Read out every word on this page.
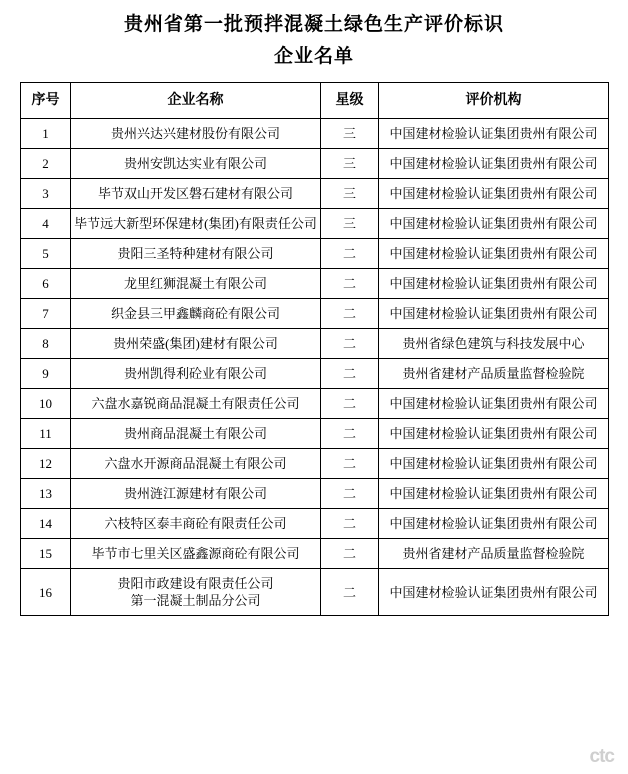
贵州省第一批预拌混凝土绿色生产评价标识
企业名单
序号	企业名称	星级	评价机构
1	贵州兴达兴建材股份有限公司	三	中国建材检验认证集团贵州有限公司
2	贵州安凯达实业有限公司	三	中国建材检验认证集团贵州有限公司
3	毕节双山开发区磐石建材有限公司	三	中国建材检验认证集团贵州有限公司
4	毕节远大新型环保建材(集团)有限责任公司	三	中国建材检验认证集团贵州有限公司
5	贵阳三圣特种建材有限公司	二	中国建材检验认证集团贵州有限公司
6	龙里红狮混凝土有限公司	二	中国建材检验认证集团贵州有限公司
7	织金县三甲鑫麟商砼有限公司	二	中国建材检验认证集团贵州有限公司
8	贵州荣盛(集团)建材有限公司	二	贵州省绿色建筑与科技发展中心
9	贵州凯得利砼业有限公司	二	贵州省建材产品质量监督检验院
10	六盘水嘉锐商品混凝土有限责任公司	二	中国建材检验认证集团贵州有限公司
11	贵州商品混凝土有限公司	二	中国建材检验认证集团贵州有限公司
12	六盘水开源商品混凝土有限公司	二	中国建材检验认证集团贵州有限公司
13	贵州涟江源建材有限公司	二	中国建材检验认证集团贵州有限公司
14	六枝特区泰丰商砼有限责任公司	二	中国建材检验认证集团贵州有限公司
15	毕节市七里关区盛鑫源商砼有限公司	二	贵州省建材产品质量监督检验院
16	贵阳市政建设有限责任公司
第一混凝土制品分公司	二	中国建材检验认证集团贵州有限公司
ctc
